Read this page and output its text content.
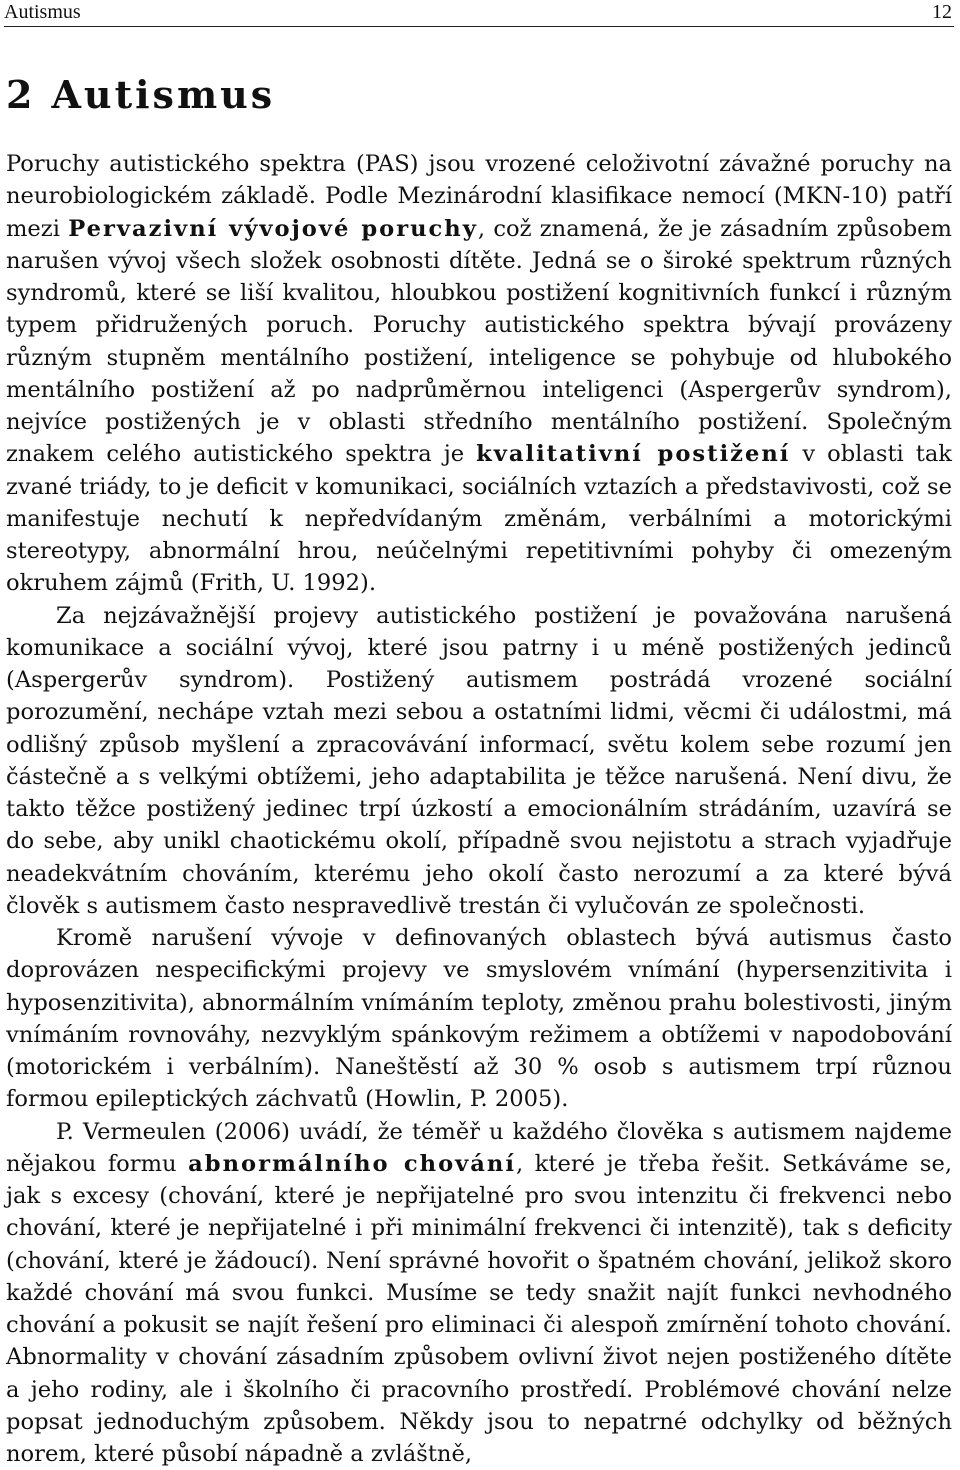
Autismus	12
2 Autismus

Poruchy autistického spektra (PAS) jsou vrozené celoživotní závažné poruchy na neurobiologickém základě. Podle Mezinárodní klasifikace nemocí (MKN-10) patří mezi Pervazivní vývojové poruchy, což znamená, že je zásadním způsobem narušen vývoj všech složek osobnosti dítěte. Jedná se o široké spektrum různých syndromů, které se liší kvalitou, hloubkou postižení kognitivních funkcí i různým typem přidružených poruch. Poruchy autistického spektra bývají provázeny různým stupněm mentálního postižení, inteligence se pohybuje od hlubokého mentálního postižení až po nadprůměrnou inteligenci (Aspergerův syndrom), nejvíce postižených je v oblasti středního mentálního postižení. Společným znakem celého autistického spektra je kvalitativní postižení v oblasti tak zvané triády, to je deficit v komunikaci, sociálních vztazích a představivosti, což se manifestuje nechutí k nepředvídaným změnám, verbálními a motorickými stereotypy, abnormální hrou, neúčelnými repetitivními pohyby či omezeným okruhem zájmů (Frith, U. 1992).

Za nejzávažnější projevy autistického postižení je považována narušená komunikace a sociální vývoj, které jsou patrny i u méně postižených jedinců (Aspergerův syndrom). Postižený autismem postrádá vrozené sociální porozumění, nechápe vztah mezi sebou a ostatními lidmi, věcmi či událostmi, má odlišný způsob myšlení a zpracovávání informací, světu kolem sebe rozumí jen částečně a s velkými obtížemi, jeho adaptabilita je těžce narušená. Není divu, že takto těžce postižený jedinec trpí úzkostí a emocionálním strádáním, uzavírá se do sebe, aby unikl chaotickému okolí, případně svou nejistotu a strach vyjadřuje neadekvátním chováním, kterému jeho okolí často nerozumí a za které bývá člověk s autismem často nespravedlivě trestán či vylučován ze společnosti.

Kromě narušení vývoje v definovaných oblastech bývá autismus často doprovázen nespecifickými projevy ve smyslovém vnímání (hypersenzitivita i hyposenzitivita), abnormálním vnímáním teploty, změnou prahu bolestivosti, jiným vnímáním rovnováhy, nezvyklým spánkovým režimem a obtížemi v napodobování (motorickém i verbálním). Naneštěstí až 30 % osob s autismem trpí různou formou epileptických záchvatů (Howlin, P. 2005).

P. Vermeulen (2006) uvádí, že téměř u každého člověka s autismem najdeme nějakou formu abnormálního chování, které je třeba řešit. Setkáváme se, jak s excesy (chování, které je nepřijatelné pro svou intenzitu či frekvenci nebo chování, které je nepřijatelné i při minimální frekvenci či intenzitě), tak s deficity (chování, které je žádoucí). Není správné hovořit o špatném chování, jelikož skoro každé chování má svou funkci. Musíme se tedy snažit najít funkci nevhodného chování a pokusit se najít řešení pro eliminaci či alespoň zmírnění tohoto chování. Abnormality v chování zásadním způsobem ovlivní život nejen postiženého dítěte a jeho rodiny, ale i školního či pracovního prostředí. Problémové chování nelze popsat jednoduchým způsobem. Někdy jsou to nepatrné odchylky od běžných norem, které působí nápadně a zvláštně,
